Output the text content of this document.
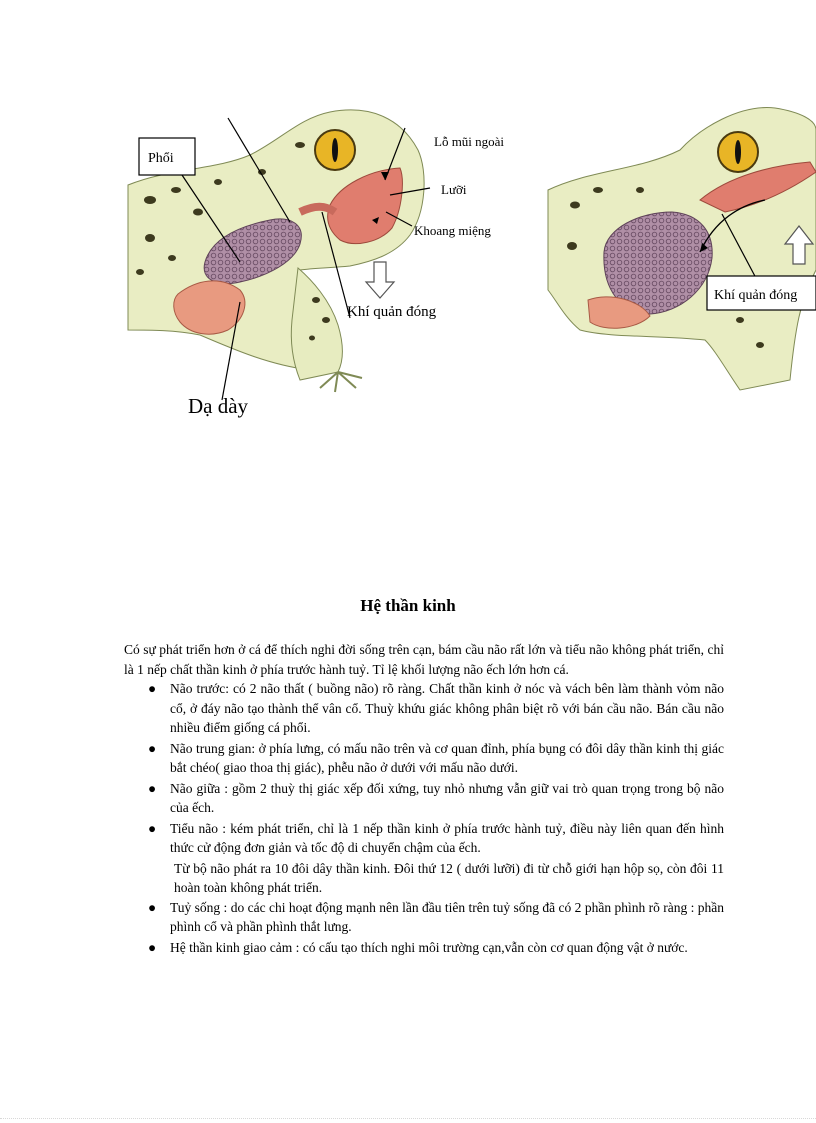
Phổi
Lỗ mũi ngoài
Lưỡi
Khoang miệng
Khí quản đóng
Dạ dày
Khí quản đóng
Hệ thần kinh

Có sự phát triển hơn ở cá để thích nghi đời sống trên cạn, bám cầu não rất lớn và tiểu não không phát triển, chỉ là 1 nếp chất thần kinh ở phía trước hành tuỷ. Tỉ lệ khối lượng não ếch lớn hơn cá.

● Não trước: có 2 não thất ( buồng não) rõ ràng. Chất thần kinh ở nóc và vách bên làm thành vỏm não cổ, ở đáy não tạo thành thể vân cổ. Thuỳ khứu giác không phân biệt rõ với bán cầu não. Bán cầu não nhiều điểm giống cá phổi.
● Não trung gian: ở phía lưng, có mấu não trên và cơ quan đỉnh, phía bụng có đôi dây thần kinh thị giác bắt chéo( giao thoa thị giác), phễu não ở dưới với mấu não dưới.
● Não giữa : gồm 2 thuỳ thị giác xếp đối xứng, tuy nhỏ nhưng vẫn giữ vai trò quan trọng trong bộ não của ếch.
● Tiểu não : kém phát triển, chỉ là 1 nếp thần kinh ở phía trước hành tuỷ, điều này liên quan đến hình thức cử động đơn giản và tốc độ di chuyển chậm của ếch.

Từ bộ não phát ra 10 đôi dây thần kinh. Đôi thứ 12 ( dưới lưỡi) đi từ chỗ giới hạn hộp sọ, còn đôi 11 hoàn toàn không phát triển.

● Tuỷ sống : do các chi hoạt động mạnh nên lần đầu tiên trên tuỷ sống đã có 2 phần phình rõ ràng : phần phình cổ và phần phình thắt lưng.
● Hệ thần kinh giao cảm : có cấu tạo thích nghi môi trường cạn,vẫn còn cơ quan động vật ở nước.
